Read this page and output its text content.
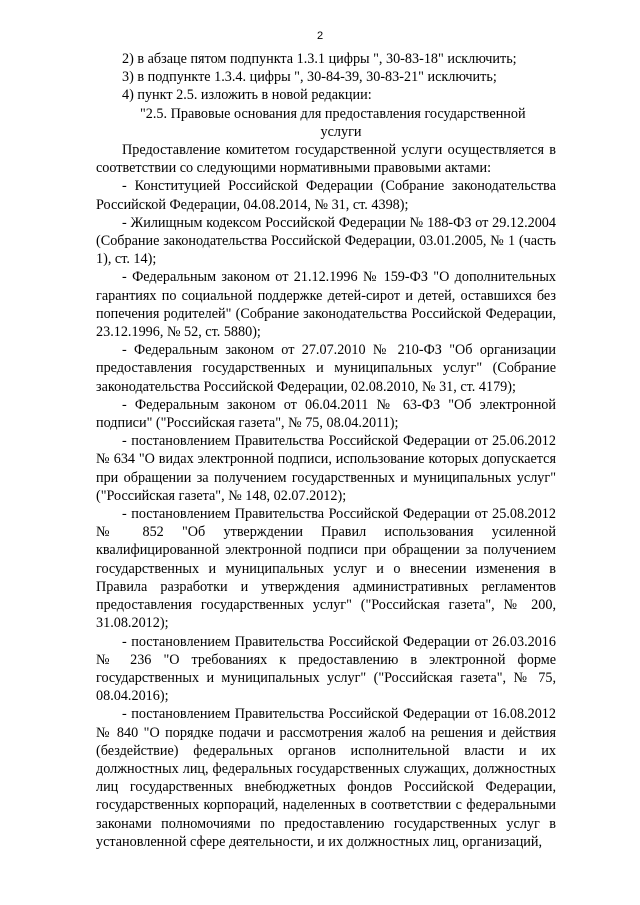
2

2) в абзаце пятом подпункта 1.3.1 цифры ", 30-83-18" исключить;

3) в подпункте 1.3.4. цифры ", 30-84-39, 30-83-21" исключить;

4) пункт 2.5. изложить в новой редакции:

"2.5. Правовые основания для предоставления государственной
услуги

Предоставление комитетом государственной услуги осуществляется в соответствии со следующими нормативными правовыми актами:

- Конституцией Российской Федерации (Собрание законодательства Российской Федерации, 04.08.2014, № 31, ст. 4398);

- Жилищным кодексом Российской Федерации № 188-ФЗ от 29.12.2004 (Собрание законодательства Российской Федерации, 03.01.2005, № 1 (часть 1), ст. 14);

- Федеральным законом от 21.12.1996 № 159-ФЗ "О дополнительных гарантиях по социальной поддержке детей-сирот и детей, оставшихся без попечения родителей" (Собрание законодательства Российской Федерации, 23.12.1996, № 52, ст. 5880);

- Федеральным законом от 27.07.2010 № 210-ФЗ "Об организации предоставления государственных и муниципальных услуг" (Собрание законодательства Российской Федерации, 02.08.2010, № 31, ст. 4179);

- Федеральным законом от 06.04.2011 № 63-ФЗ "Об электронной подписи" ("Российская газета", № 75, 08.04.2011);

- постановлением Правительства Российской Федерации от 25.06.2012 № 634 "О видах электронной подписи, использование которых допускается при обращении за получением государственных и муниципальных услуг" ("Российская газета", № 148, 02.07.2012);

- постановлением Правительства Российской Федерации от 25.08.2012 № 852 "Об утверждении Правил использования усиленной квалифицированной электронной подписи при обращении за получением государственных и муниципальных услуг и о внесении изменения в Правила разработки и утверждения административных регламентов предоставления государственных услуг" ("Российская газета", № 200, 31.08.2012);

- постановлением Правительства Российской Федерации от 26.03.2016 № 236 "О требованиях к предоставлению в электронной форме государственных и муниципальных услуг" ("Российская газета", № 75, 08.04.2016);

- постановлением Правительства Российской Федерации от 16.08.2012 № 840 "О порядке подачи и рассмотрения жалоб на решения и действия (бездействие) федеральных органов исполнительной власти и их должностных лиц, федеральных государственных служащих, должностных лиц государственных внебюджетных фондов Российской Федерации, государственных корпораций, наделенных в соответствии с федеральными законами полномочиями по предоставлению государственных услуг в установленной сфере деятельности, и их должностных лиц, организаций,
